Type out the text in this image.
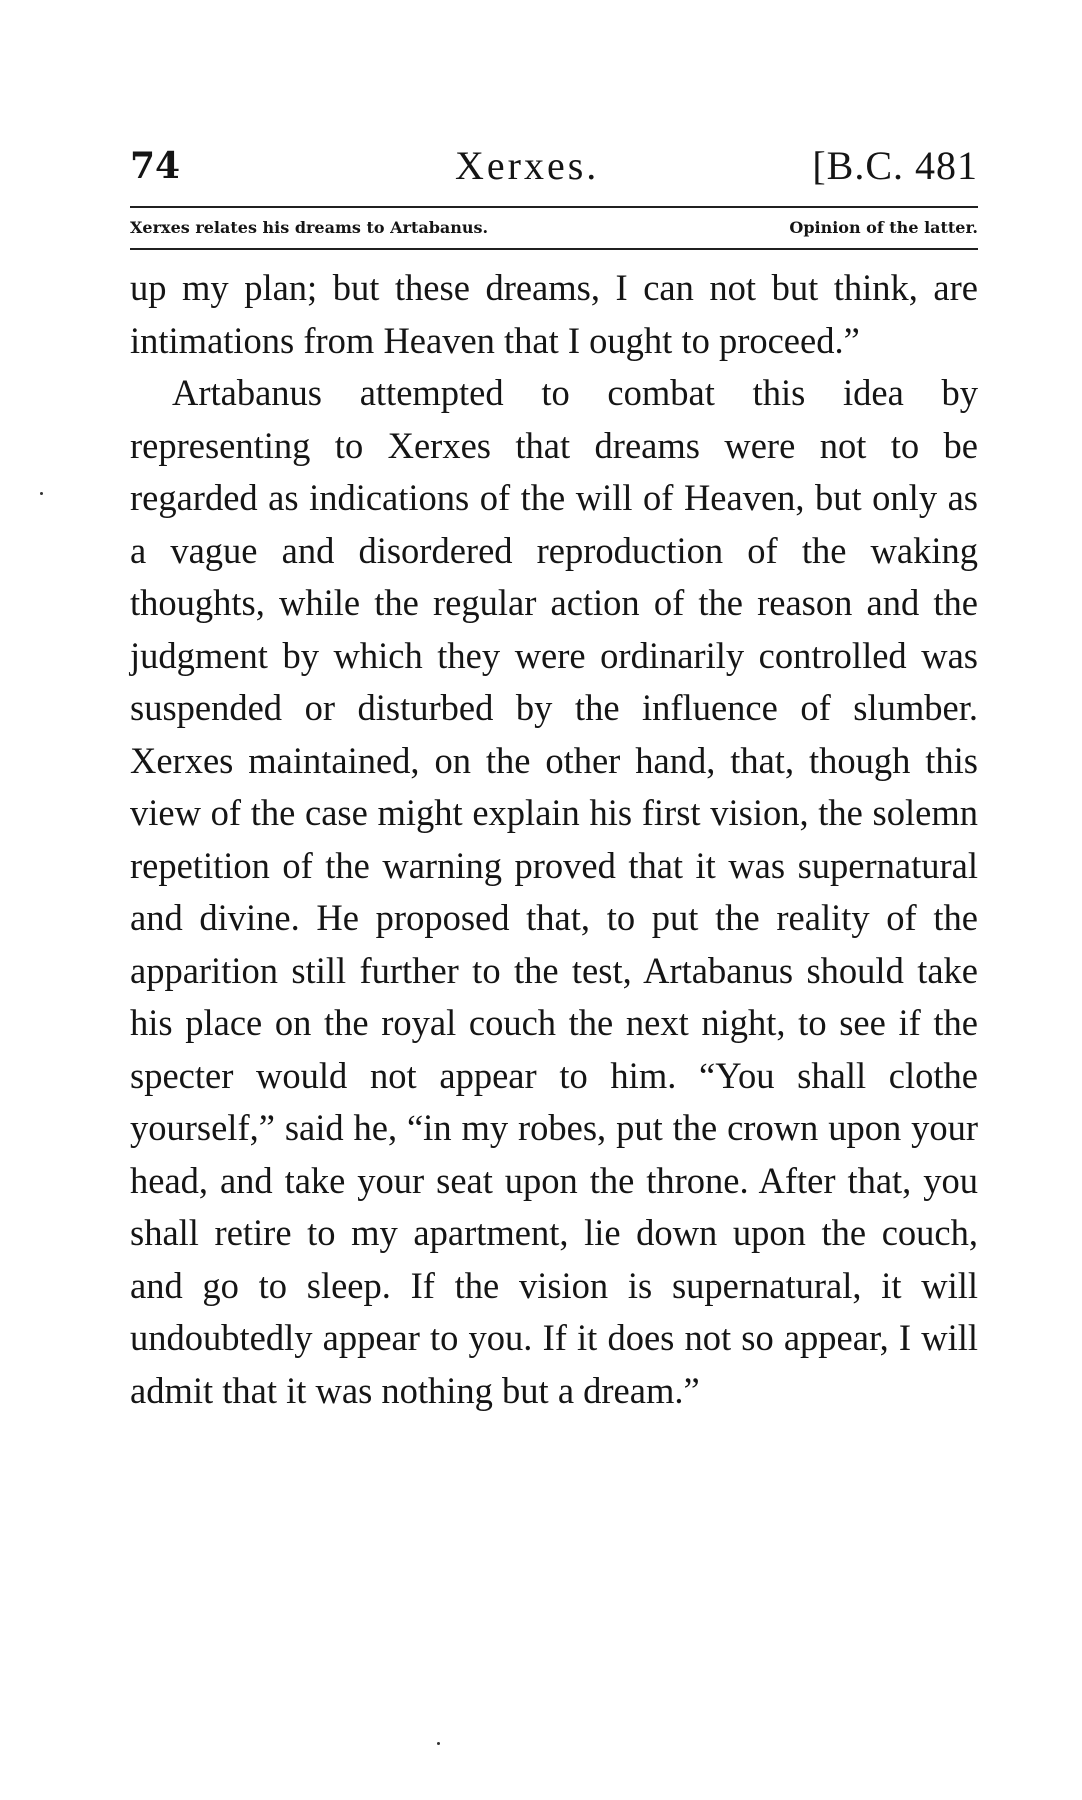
74	Xerxes.	[B.C. 481
Xerxes relates his dreams to Artabanus.	Opinion of the latter.

up my plan; but these dreams, I can not but think, are intimations from Heaven that I ought to proceed.”

Artabanus attempted to combat this idea by representing to Xerxes that dreams were not to be regarded as indications of the will of Heaven, but only as a vague and disordered reproduction of the waking thoughts, while the regular action of the reason and the judgment by which they were ordinarily controlled was suspended or disturbed by the influence of slumber. Xerxes maintained, on the other hand, that, though this view of the case might explain his first vision, the solemn repetition of the warning proved that it was supernatural and divine. He proposed that, to put the reality of the apparition still further to the test, Artabanus should take his place on the royal couch the next night, to see if the specter would not appear to him. “You shall clothe yourself,” said he, “in my robes, put the crown upon your head, and take your seat upon the throne. After that, you shall retire to my apartment, lie down upon the couch, and go to sleep. If the vision is supernatural, it will undoubtedly appear to you. If it does not so appear, I will admit that it was nothing but a dream.”
